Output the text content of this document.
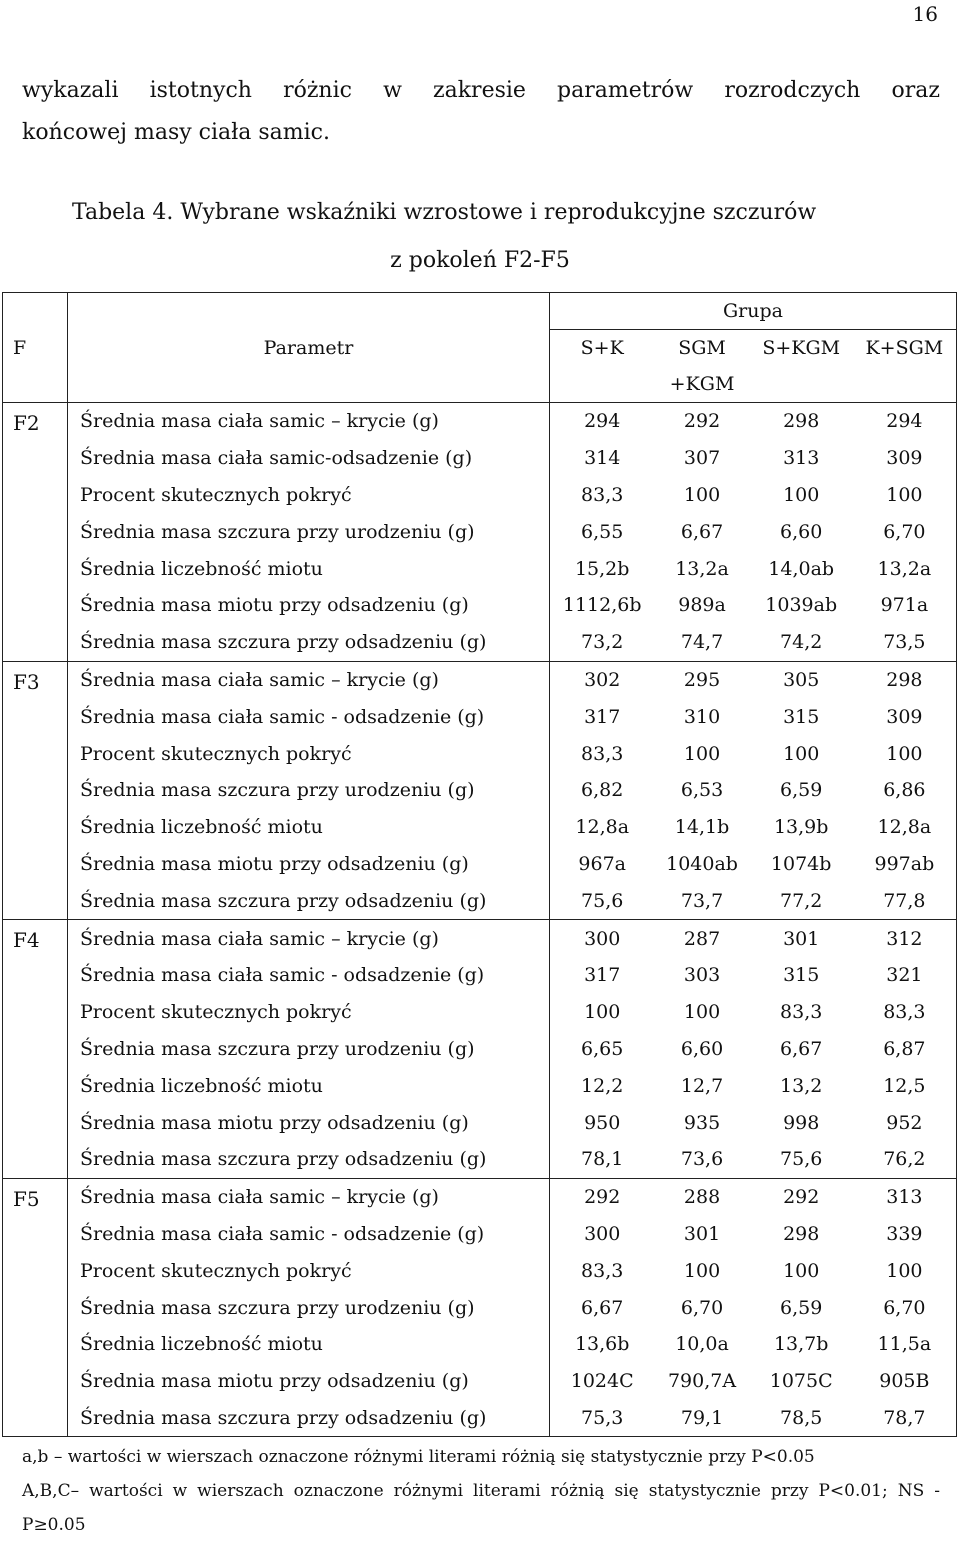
16
wykazali istotnych różnic w zakresie parametrów rozrodczych oraz
końcowej masy ciała samic.
Tabela 4. Wybrane wskaźniki wzrostowe i reprodukcyjne szczurów
z pokoleń F2-F5
F	Parametr	Grupa			
		S+K	SGM	S+KGM	K+SGM
			+KGM		
F2	Średnia masa ciała samic – krycie (g)	294	292	298	294
	Średnia masa ciała samic-odsadzenie (g)	314	307	313	309
	Procent skutecznych pokryć	83,3	100	100	100
	Średnia masa szczura przy urodzeniu (g)	6,55	6,67	6,60	6,70
	Średnia liczebność miotu	15,2b	13,2a	14,0ab	13,2a
	Średnia masa miotu przy odsadzeniu (g)	1112,6b	989a	1039ab	971a
	Średnia masa szczura przy odsadzeniu (g)	73,2	74,7	74,2	73,5
F3	Średnia masa ciała samic – krycie (g)	302	295	305	298
	Średnia masa ciała samic - odsadzenie (g)	317	310	315	309
	Procent skutecznych pokryć	83,3	100	100	100
	Średnia masa szczura przy urodzeniu (g)	6,82	6,53	6,59	6,86
	Średnia liczebność miotu	12,8a	14,1b	13,9b	12,8a
	Średnia masa miotu przy odsadzeniu (g)	967a	1040ab	1074b	997ab
	Średnia masa szczura przy odsadzeniu (g)	75,6	73,7	77,2	77,8
F4	Średnia masa ciała samic – krycie (g)	300	287	301	312
	Średnia masa ciała samic - odsadzenie (g)	317	303	315	321
	Procent skutecznych pokryć	100	100	83,3	83,3
	Średnia masa szczura przy urodzeniu (g)	6,65	6,60	6,67	6,87
	Średnia liczebność miotu	12,2	12,7	13,2	12,5
	Średnia masa miotu przy odsadzeniu (g)	950	935	998	952
	Średnia masa szczura przy odsadzeniu (g)	78,1	73,6	75,6	76,2
F5	Średnia masa ciała samic – krycie (g)	292	288	292	313
	Średnia masa ciała samic - odsadzenie (g)	300	301	298	339
	Procent skutecznych pokryć	83,3	100	100	100
	Średnia masa szczura przy urodzeniu (g)	6,67	6,70	6,59	6,70
	Średnia liczebność miotu	13,6b	10,0a	13,7b	11,5a
	Średnia masa miotu przy odsadzeniu (g)	1024C	790,7A	1075C	905B
	Średnia masa szczura przy odsadzeniu (g)	75,3	79,1	78,5	78,7
a,b – wartości w wierszach oznaczone różnymi literami różnią się statystycznie przy P<0.05
A,B,C– wartości w wierszach oznaczone różnymi literami różnią się statystycznie przy P<0.01; NS - P≥0.05
